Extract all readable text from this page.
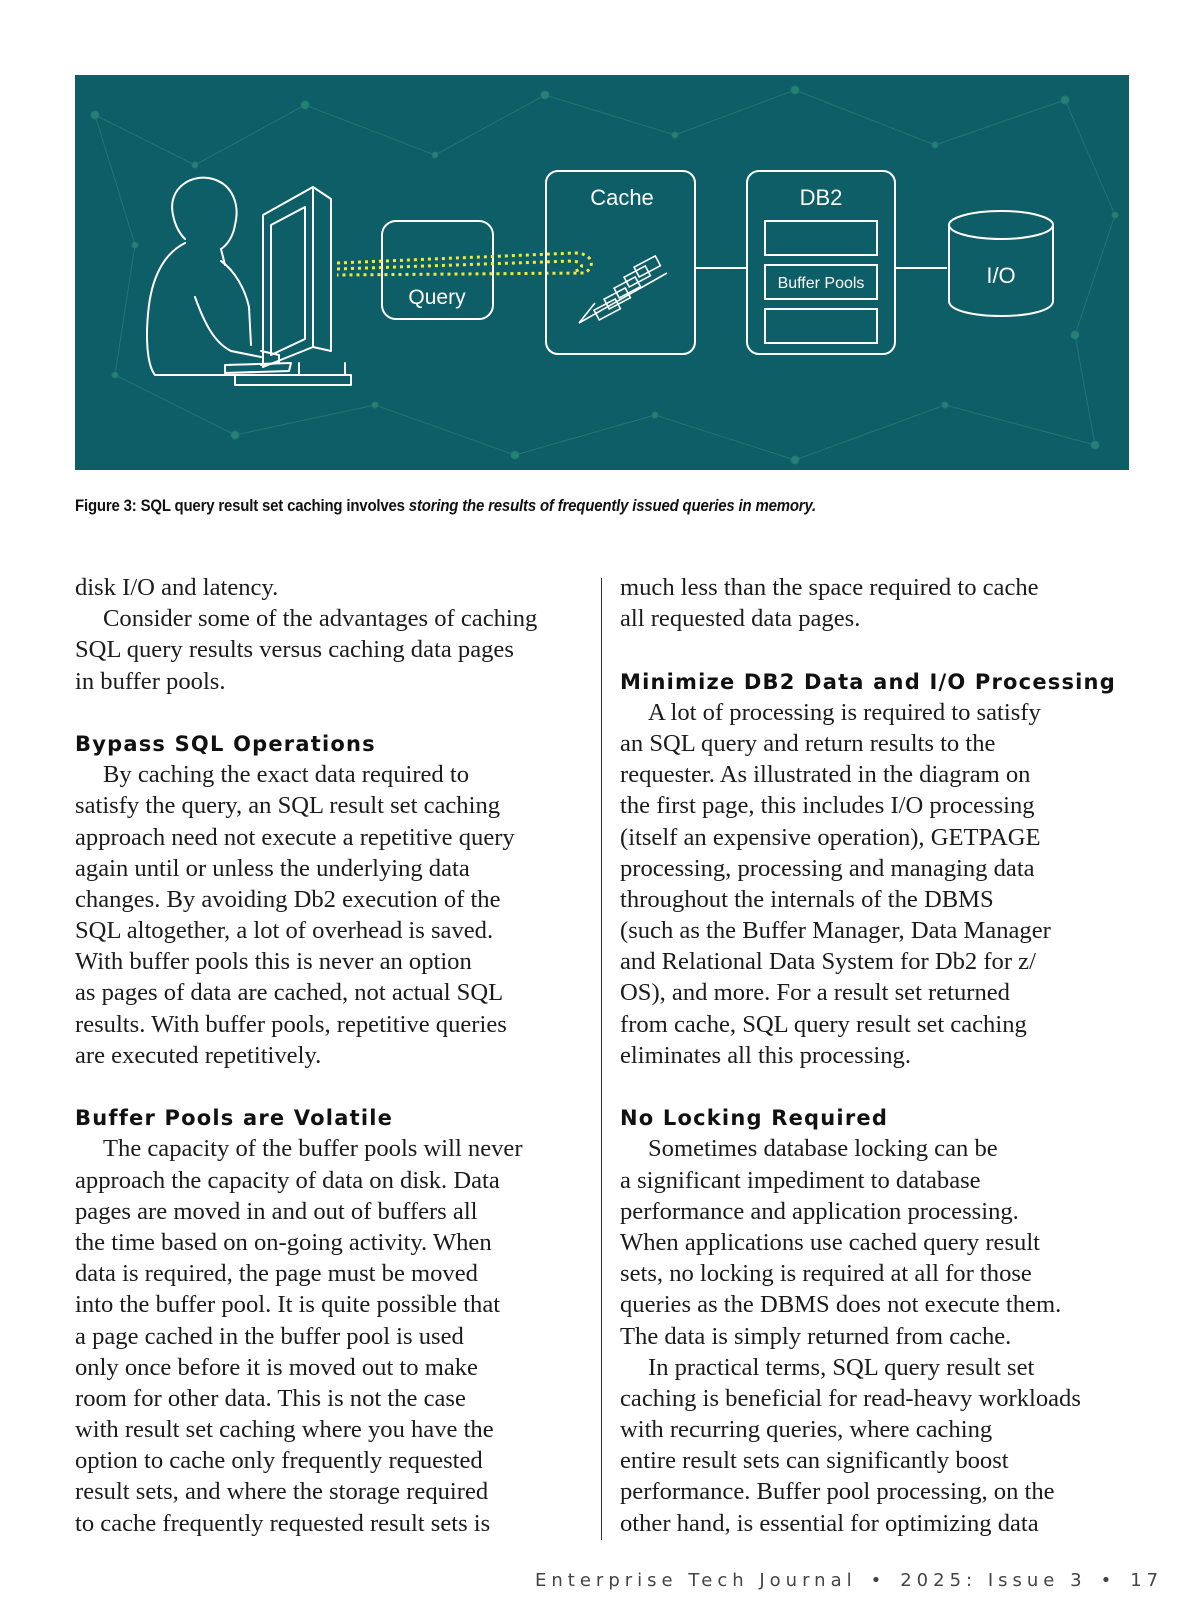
Query
Cache	DB2
Buffer Pools	I/O
Figure 3: SQL query result set caching involves storing the results of frequently issued queries in memory.
disk I/O and latency.
Consider some of the advantages of caching
SQL query results versus caching data pages
in buffer pools.
Bypass SQL Operations
By caching the exact data required to
satisfy the query, an SQL result set caching
approach need not execute a repetitive query
again until or unless the underlying data
changes. By avoiding Db2 execution of the
SQL altogether, a lot of overhead is saved.
With buffer pools this is never an option
as pages of data are cached, not actual SQL
results. With buffer pools, repetitive queries
are executed repetitively.
Buffer Pools are Volatile
The capacity of the buffer pools will never
approach the capacity of data on disk. Data
pages are moved in and out of buffers all
the time based on on-going activity. When
data is required, the page must be moved
into the buffer pool. It is quite possible that
a page cached in the buffer pool is used
only once before it is moved out to make
room for other data. This is not the case
with result set caching where you have the
option to cache only frequently requested
result sets, and where the storage required
to cache frequently requested result sets is
much less than the space required to cache
all requested data pages.
Minimize DB2 Data and I/O Processing
A lot of processing is required to satisfy
an SQL query and return results to the
requester. As illustrated in the diagram on
the first page, this includes I/O processing
(itself an expensive operation), GETPAGE
processing, processing and managing data
throughout the internals of the DBMS
(such as the Buffer Manager, Data Manager
and Relational Data System for Db2 for z/
OS), and more. For a result set returned
from cache, SQL query result set caching
eliminates all this processing.
No Locking Required
Sometimes database locking can be
a significant impediment to database
performance and application processing.
When applications use cached query result
sets, no locking is required at all for those
queries as the DBMS does not execute them.
The data is simply returned from cache.
In practical terms, SQL query result set
caching is beneficial for read-heavy workloads
with recurring queries, where caching
entire result sets can significantly boost
performance. Buffer pool processing, on the
other hand, is essential for optimizing data
Enterprise Tech Journal • 2025: Issue 3 • 17
